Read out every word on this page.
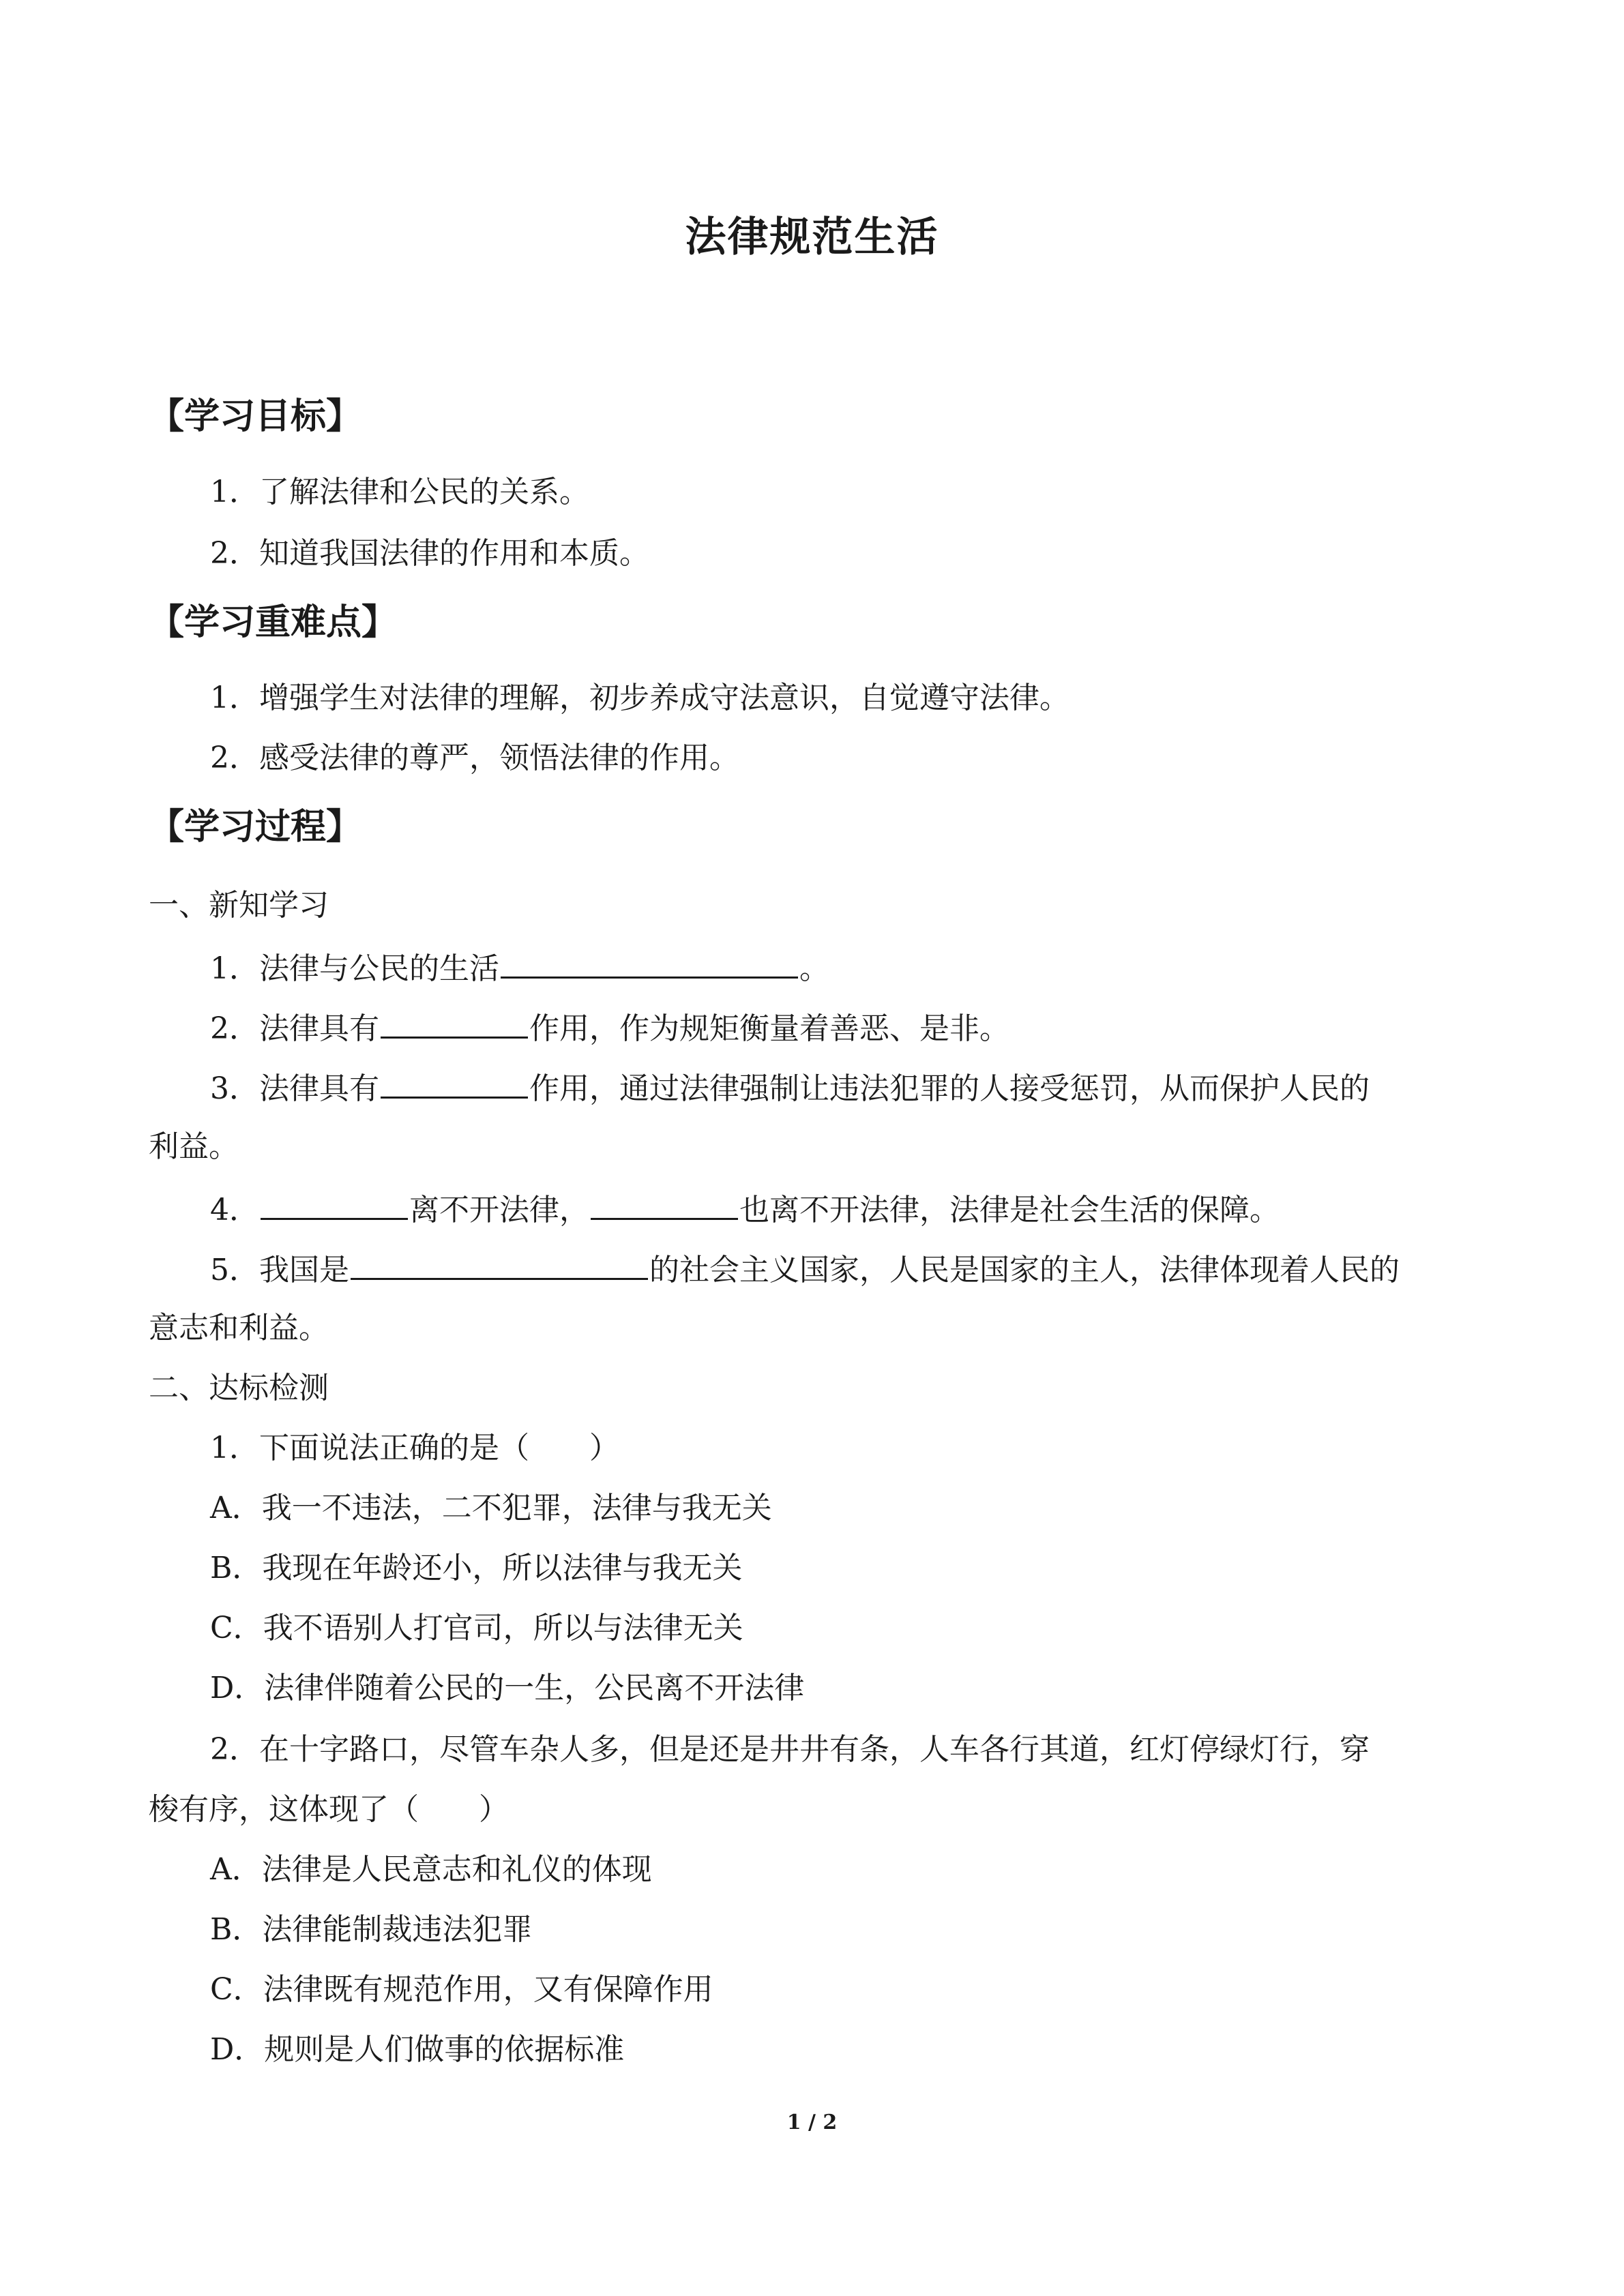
法律规范生活
【学习目标】
1．了解法律和公民的关系。
2．知道我国法律的作用和本质。
【学习重难点】
1．增强学生对法律的理解，初步养成守法意识，自觉遵守法律。
2．感受法律的尊严，领悟法律的作用。
【学习过程】
一、新知学习
1．法律与公民的生活	。
2．法律具有	作用，作为规矩衡量着善恶、是非。
3．法律具有	作用，通过法律强制让违法犯罪的人接受惩罚，从而保护人民的
利益。
4．	离不开法律，	也离不开法律，法律是社会生活的保障。
5．我国是	的社会主义国家，人民是国家的主人，法律体现着人民的
意志和利益。
二、达标检测
1．下面说法正确的是（　　）
A．我一不违法，二不犯罪，法律与我无关
B．我现在年龄还小，所以法律与我无关
C．我不语别人打官司，所以与法律无关
D．法律伴随着公民的一生，公民离不开法律
2．在十字路口，尽管车杂人多，但是还是井井有条，人车各行其道，红灯停绿灯行，穿
梭有序，这体现了（　　）
A．法律是人民意志和礼仪的体现
B．法律能制裁违法犯罪
C．法律既有规范作用，又有保障作用
D．规则是人们做事的依据标准
1 / 2
